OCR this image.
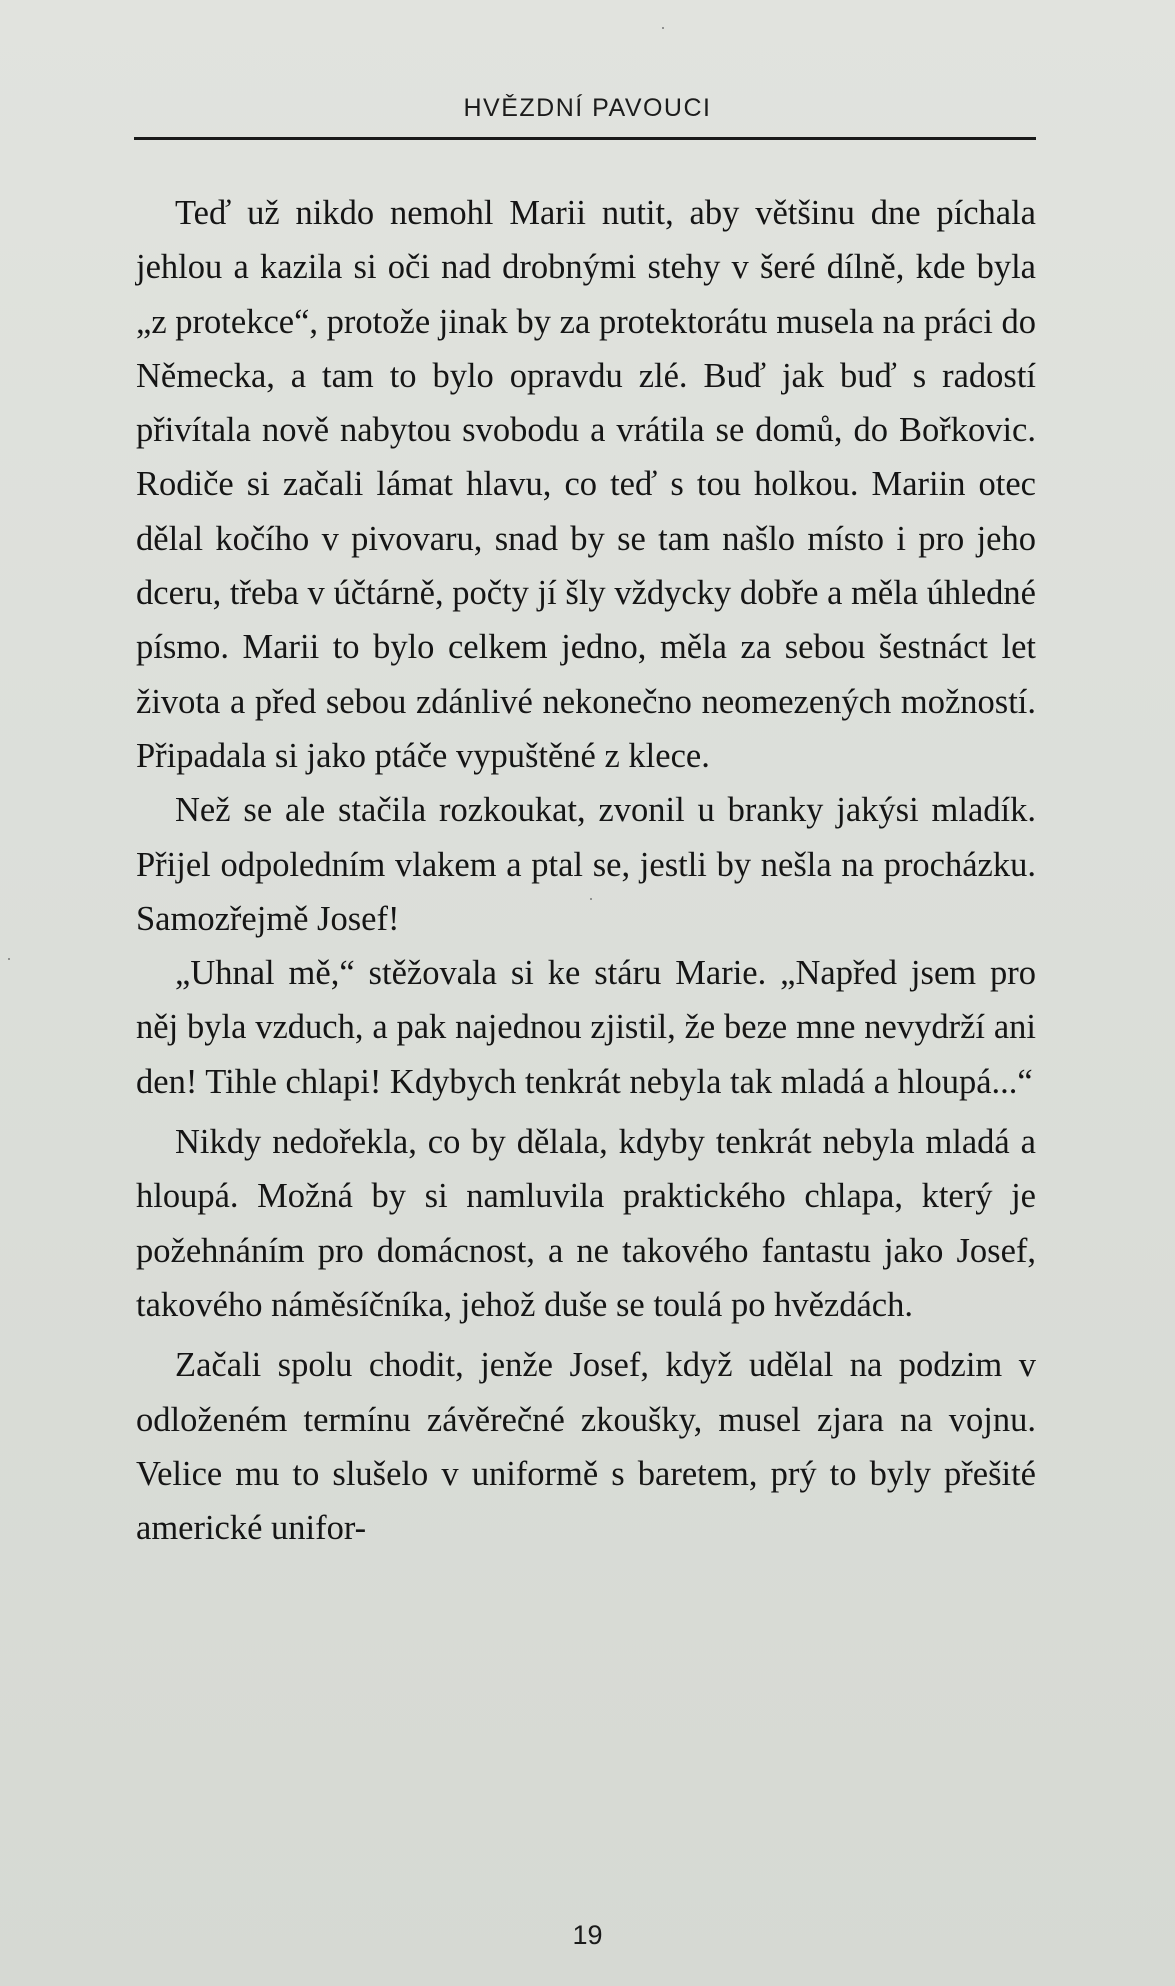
HVĚZDNÍ PAVOUCI

Teď už nikdo nemohl Marii nutit, aby většinu dne píchala jehlou a kazila si oči nad drobnými stehy v šeré dílně, kde byla „z protekce“, protože jinak by za protektorátu musela na práci do Německa, a tam to bylo opravdu zlé. Buď jak buď s radostí přivítala nově nabytou svobodu a vrátila se domů, do Bořkovic. Rodiče si začali lámat hlavu, co teď s tou holkou. Mariin otec dělal kočího v pivovaru, snad by se tam našlo místo i pro jeho dceru, třeba v účtárně, počty jí šly vždycky dobře a měla úhledné písmo. Marii to bylo celkem jedno, měla za sebou šestnáct let života a před sebou zdánlivé nekonečno neomezených možností. Připadala si jako ptáče vypuštěné z klece.

Než se ale stačila rozkoukat, zvonil u branky jakýsi mladík. Přijel odpoledním vlakem a ptal se, jestli by nešla na procházku. Samozřejmě Josef!

„Uhnal mě,“ stěžovala si ke stáru Marie. „Napřed jsem pro něj byla vzduch, a pak najednou zjistil, že beze mne nevydrží ani den! Tihle chlapi! Kdybych tenkrát nebyla tak mladá a hloupá...“

Nikdy nedořekla, co by dělala, kdyby tenkrát nebyla mladá a hloupá. Možná by si namluvila praktického chlapa, který je požehnáním pro domácnost, a ne takového fantastu jako Josef, takového náměsíčníka, jehož duše se toulá po hvězdách.

Začali spolu chodit, jenže Josef, když udělal na podzim v odloženém termínu závěrečné zkoušky, musel zjara na vojnu. Velice mu to slušelo v uniformě s baretem, prý to byly přešité americké unifor-

19
